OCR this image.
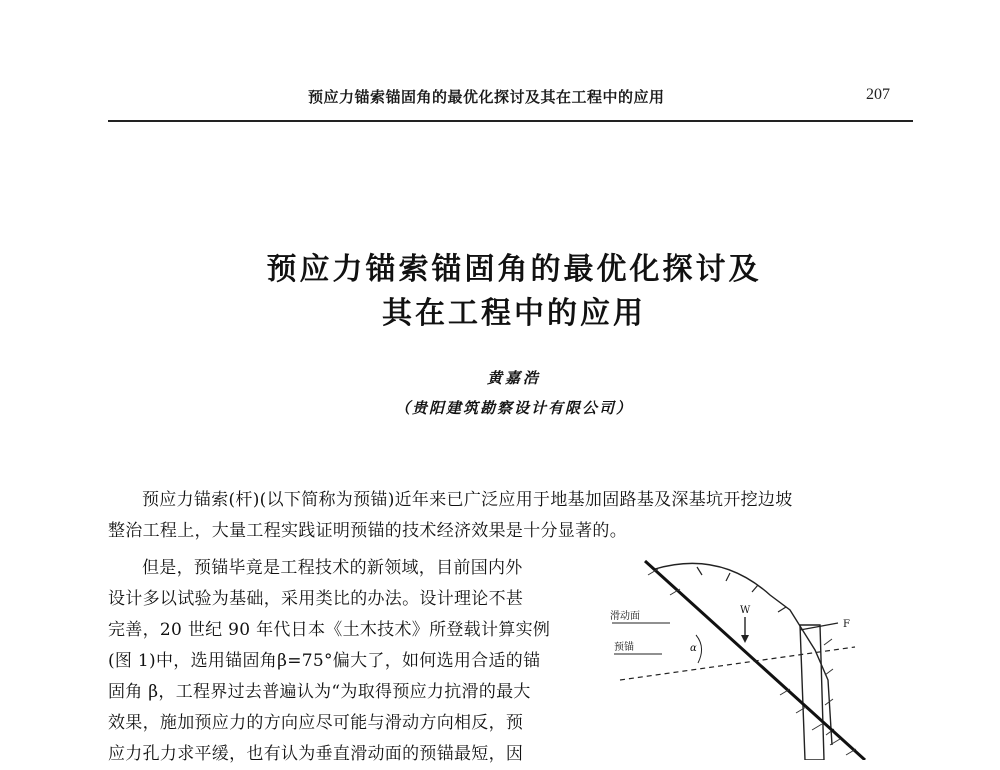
预应力锚索锚固角的最优化探讨及其在工程中的应用	207
预应力锚索锚固角的最优化探讨及
其在工程中的应用
黄嘉浩
（贵阳建筑勘察设计有限公司）
预应力锚索(杆)(以下简称为预锚)近年来已广泛应用于地基加固路基及深基坑开挖边坡
整治工程上，大量工程实践证明预锚的技术经济效果是十分显著的。
但是，预锚毕竟是工程技术的新领域，目前国内外
设计多以试验为基础，采用类比的办法。设计理论不甚
完善，20 世纪 90 年代日本《土木技术》所登载计算实例
(图 1)中，选用锚固角β=75°偏大了，如何选用合适的锚
固角 β，工程界过去普遍认为“为取得预应力抗滑的最大
效果，施加预应力的方向应尽可能与滑动方向相反，预
应力孔力求平缓，也有认为垂直滑动面的预锚最短，因
滑动面
预锚
W
F
α
